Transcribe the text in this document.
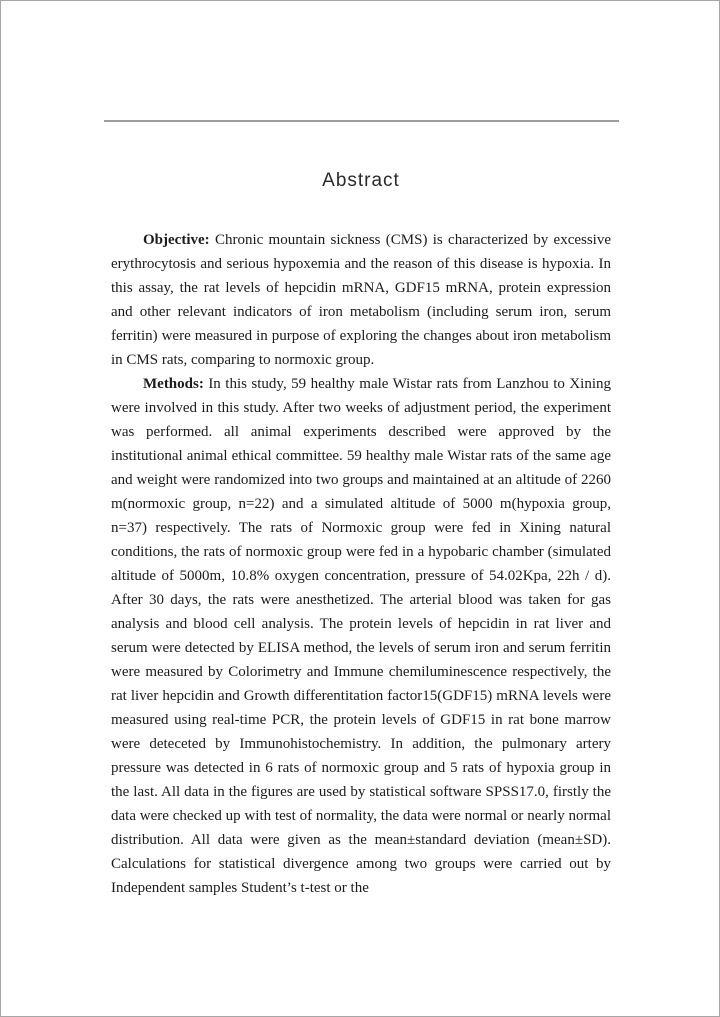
Abstract

Objective: Chronic mountain sickness (CMS) is characterized by excessive erythrocytosis and serious hypoxemia and the reason of this disease is hypoxia. In this assay, the rat levels of hepcidin mRNA, GDF15 mRNA, protein expression and other relevant indicators of iron metabolism (including serum iron, serum ferritin) were measured in purpose of exploring the changes about iron metabolism in CMS rats, comparing to normoxic group.

Methods: In this study, 59 healthy male Wistar rats from Lanzhou to Xining were involved in this study. After two weeks of adjustment period, the experiment was performed. all animal experiments described were approved by the institutional animal ethical committee. 59 healthy male Wistar rats of the same age and weight were randomized into two groups and maintained at an altitude of 2260 m(normoxic group, n=22) and a simulated altitude of 5000 m(hypoxia group, n=37) respectively. The rats of Normoxic group were fed in Xining natural conditions, the rats of normoxic group were fed in a hypobaric chamber (simulated altitude of 5000m, 10.8% oxygen concentration, pressure of 54.02Kpa, 22h / d). After 30 days, the rats were anesthetized. The arterial blood was taken for gas analysis and blood cell analysis. The protein levels of hepcidin in rat liver and serum were detected by ELISA method, the levels of serum iron and serum ferritin were measured by Colorimetry and Immune chemiluminescence respectively, the rat liver hepcidin and Growth differentitation factor15(GDF15) mRNA levels were measured using real-time PCR, the protein levels of GDF15 in rat bone marrow were deteceted by Immunohistochemistry. In addition, the pulmonary artery pressure was detected in 6 rats of normoxic group and 5 rats of hypoxia group in the last. All data in the figures are used by statistical software SPSS17.0, firstly the data were checked up with test of normality, the data were normal or nearly normal distribution. All data were given as the mean±standard deviation (mean±SD). Calculations for statistical divergence among two groups were carried out by Independent samples Student’s t-test or the
